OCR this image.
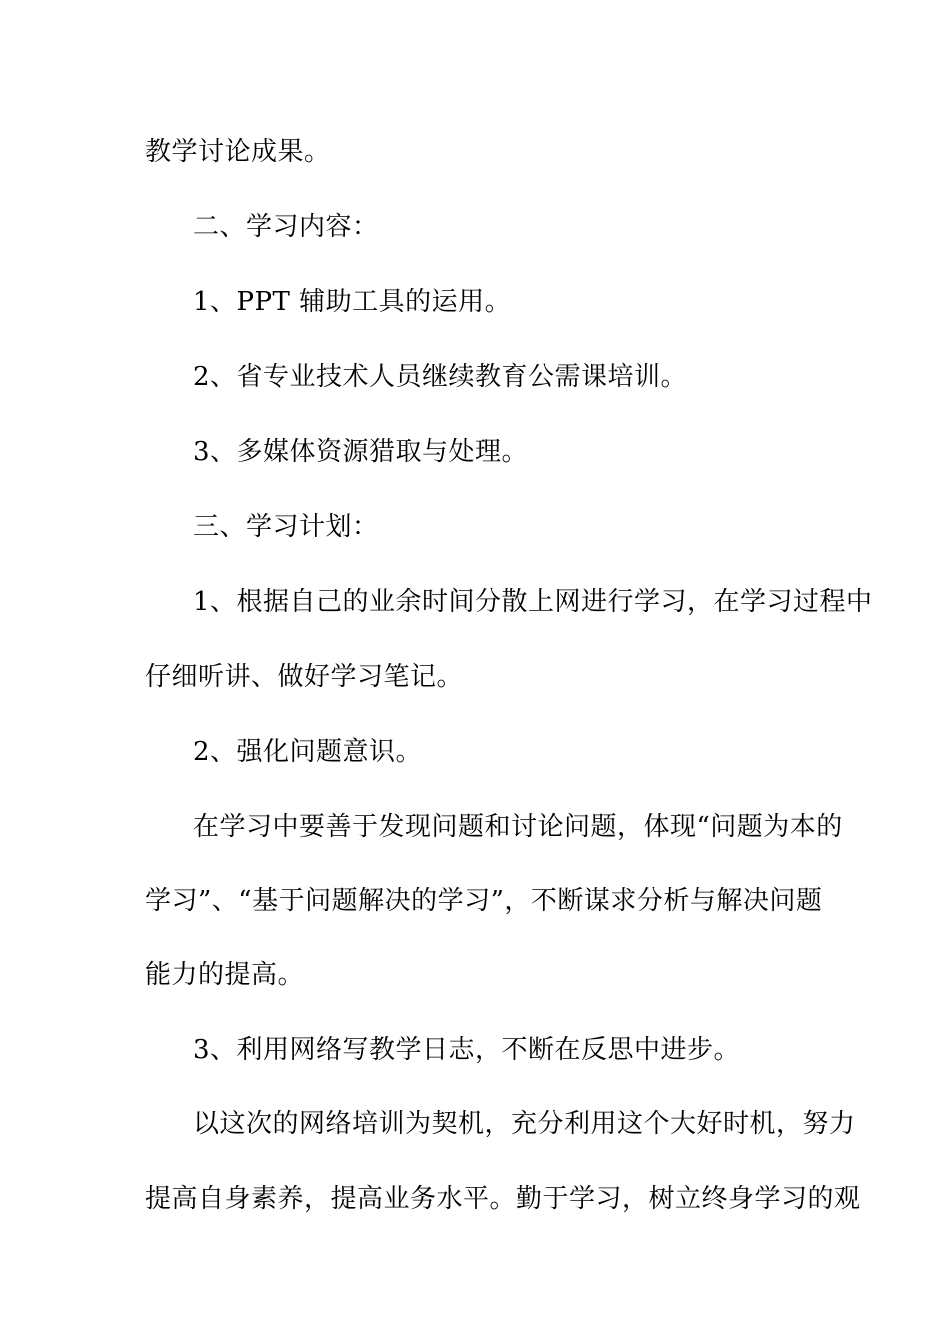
教学讨论成果。
二、学习内容：
1、PPT 辅助工具的运用。
2、省专业技术人员继续教育公需课培训。
3、多媒体资源猎取与处理。
三、学习计划：
1、根据自己的业余时间分散上网进行学习，在学习过程中
仔细听讲、做好学习笔记。
2、强化问题意识。
在学习中要善于发现问题和讨论问题，体现“问题为本的
学习”、“基于问题解决的学习”，不断谋求分析与解决问题
能力的提高。
3、利用网络写教学日志，不断在反思中进步。
以这次的网络培训为契机，充分利用这个大好时机，努力
提高自身素养，提高业务水平。勤于学习，树立终身学习的观
